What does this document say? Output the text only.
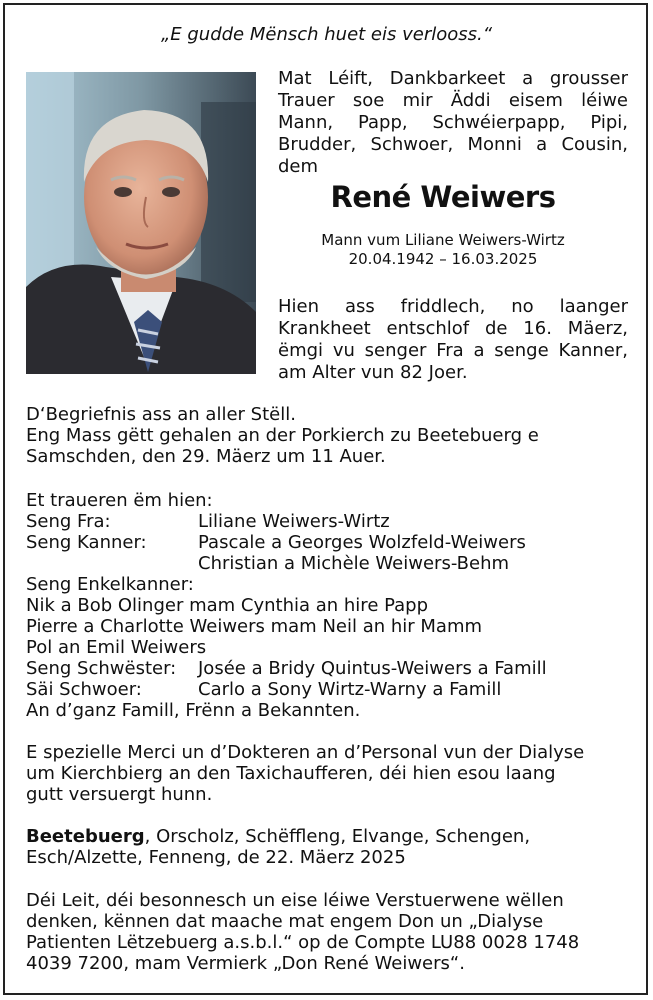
„E gudde Mënsch huet eis verlooss.“
Mat Léift, Dankbarkeet a grousser
Trauer soe mir Äddi eisem léiwe
Mann, Papp, Schwéierpapp, Pipi,
Brudder, Schwoer, Monni a Cousin,
dem
René Weiwers
Mann vum Liliane Weiwers-Wirtz
20.04.1942 – 16.03.2025
Hien ass friddlech, no laanger
Krankheet entschlof de 16. Mäerz,
ëmgi vu senger Fra a senge Kanner,
am Alter vun 82 Joer.
D‘Begriefnis ass an aller Stëll.
Eng Mass gëtt gehalen an der Porkierch zu Beetebuerg e
Samschden, den 29. Mäerz um 11 Auer.
Et traueren ëm hien:
Seng Fra:	Liliane Weiwers-Wirtz
Seng Kanner:	Pascale a Georges Wolzfeld-Weiwers
Christian a Michèle Weiwers-Behm
Seng Enkelkanner:
Nik a Bob Olinger mam Cynthia an hire Papp
Pierre a Charlotte Weiwers mam Neil an hir Mamm
Pol an Emil Weiwers
Seng Schwëster: Josée a Bridy Quintus-Weiwers a Famill
Säi Schwoer:	Carlo a Sony Wirtz-Warny a Famill
An d’ganz Famill, Frënn a Bekannten.
E spezielle Merci un d’Dokteren an d’Personal vun der Dialyse
um Kierchbierg an den Taxichaufferen, déi hien esou laang
gutt versuergt hunn.
Beetebuerg, Orscholz, Schëffleng, Elvange, Schengen,
Esch/Alzette, Fenneng, de 22. Mäerz 2025
Déi Leit, déi besonnesch un eise léiwe Verstuerwene wëllen
denken, kënnen dat maache mat engem Don un „Dialyse
Patienten Lëtzebuerg a.s.b.l.“ op de Compte LU88 0028 1748
4039 7200, mam Vermierk „Don René Weiwers“.
